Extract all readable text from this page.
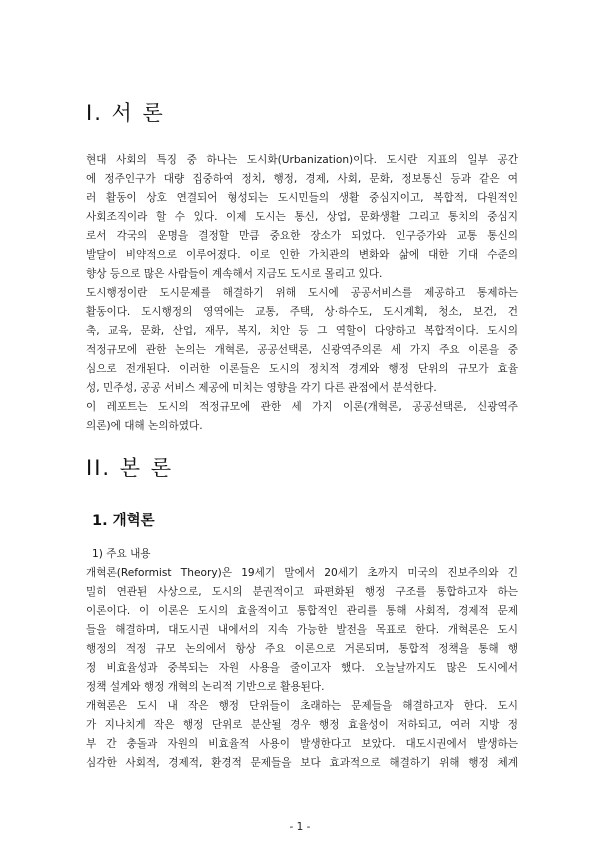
I. 서 론
현대 사회의 특징 중 하나는 도시화(Urbanization)이다. 도시란 지표의 일부 공간
에 정주인구가 대량 집중하여 정치, 행정, 경제, 사회, 문화, 정보통신 등과 같은 여
러 활동이 상호 연결되어 형성되는 도시민들의 생활 중심지이고, 복합적, 다원적인
사회조직이라 할 수 있다. 이제 도시는 통신, 상업, 문화생활 그리고 통치의 중심지
로서 각국의 운명을 결정할 만큼 중요한 장소가 되었다. 인구증가와 교통 통신의
발달이 비약적으로 이루어졌다. 이로 인한 가치관의 변화와 삶에 대한 기대 수준의
향상 등으로 많은 사람들이 계속해서 지금도 도시로 몰리고 있다.
도시행정이란 도시문제를 해결하기 위해 도시에 공공서비스를 제공하고 통제하는
활동이다. 도시행정의 영역에는 교통, 주택, 상·하수도, 도시계획, 청소, 보건, 건
축, 교육, 문화, 산업, 재무, 복지, 치안 등 그 역할이 다양하고 복합적이다. 도시의
적정규모에 관한 논의는 개혁론, 공공선택론, 신광역주의론 세 가지 주요 이론을 중
심으로 전개된다. 이러한 이론들은 도시의 정치적 경계와 행정 단위의 규모가 효율
성, 민주성, 공공 서비스 제공에 미치는 영향을 각기 다른 관점에서 분석한다.
이 레포트는 도시의 적정규모에 관한 세 가지 이론(개혁론, 공공선택론, 신광역주
의론)에 대해 논의하였다.
II. 본 론
1. 개혁론
1) 주요 내용
개혁론(Reformist Theory)은 19세기 말에서 20세기 초까지 미국의 진보주의와 긴
밀히 연관된 사상으로, 도시의 분권적이고 파편화된 행정 구조를 통합하고자 하는
이론이다. 이 이론은 도시의 효율적이고 통합적인 관리를 통해 사회적, 경제적 문제
들을 해결하며, 대도시권 내에서의 지속 가능한 발전을 목표로 한다. 개혁론은 도시
행정의 적정 규모 논의에서 항상 주요 이론으로 거론되며, 통합적 정책을 통해 행
정 비효율성과 중복되는 자원 사용을 줄이고자 했다. 오늘날까지도 많은 도시에서
정책 설계와 행정 개혁의 논리적 기반으로 활용된다.
개혁론은 도시 내 작은 행정 단위들이 초래하는 문제들을 해결하고자 한다. 도시
가 지나치게 작은 행정 단위로 분산될 경우 행정 효율성이 저하되고, 여러 지방 정
부 간 충돌과 자원의 비효율적 사용이 발생한다고 보았다. 대도시권에서 발생하는
심각한 사회적, 경제적, 환경적 문제들을 보다 효과적으로 해결하기 위해 행정 체계
- 1 -
